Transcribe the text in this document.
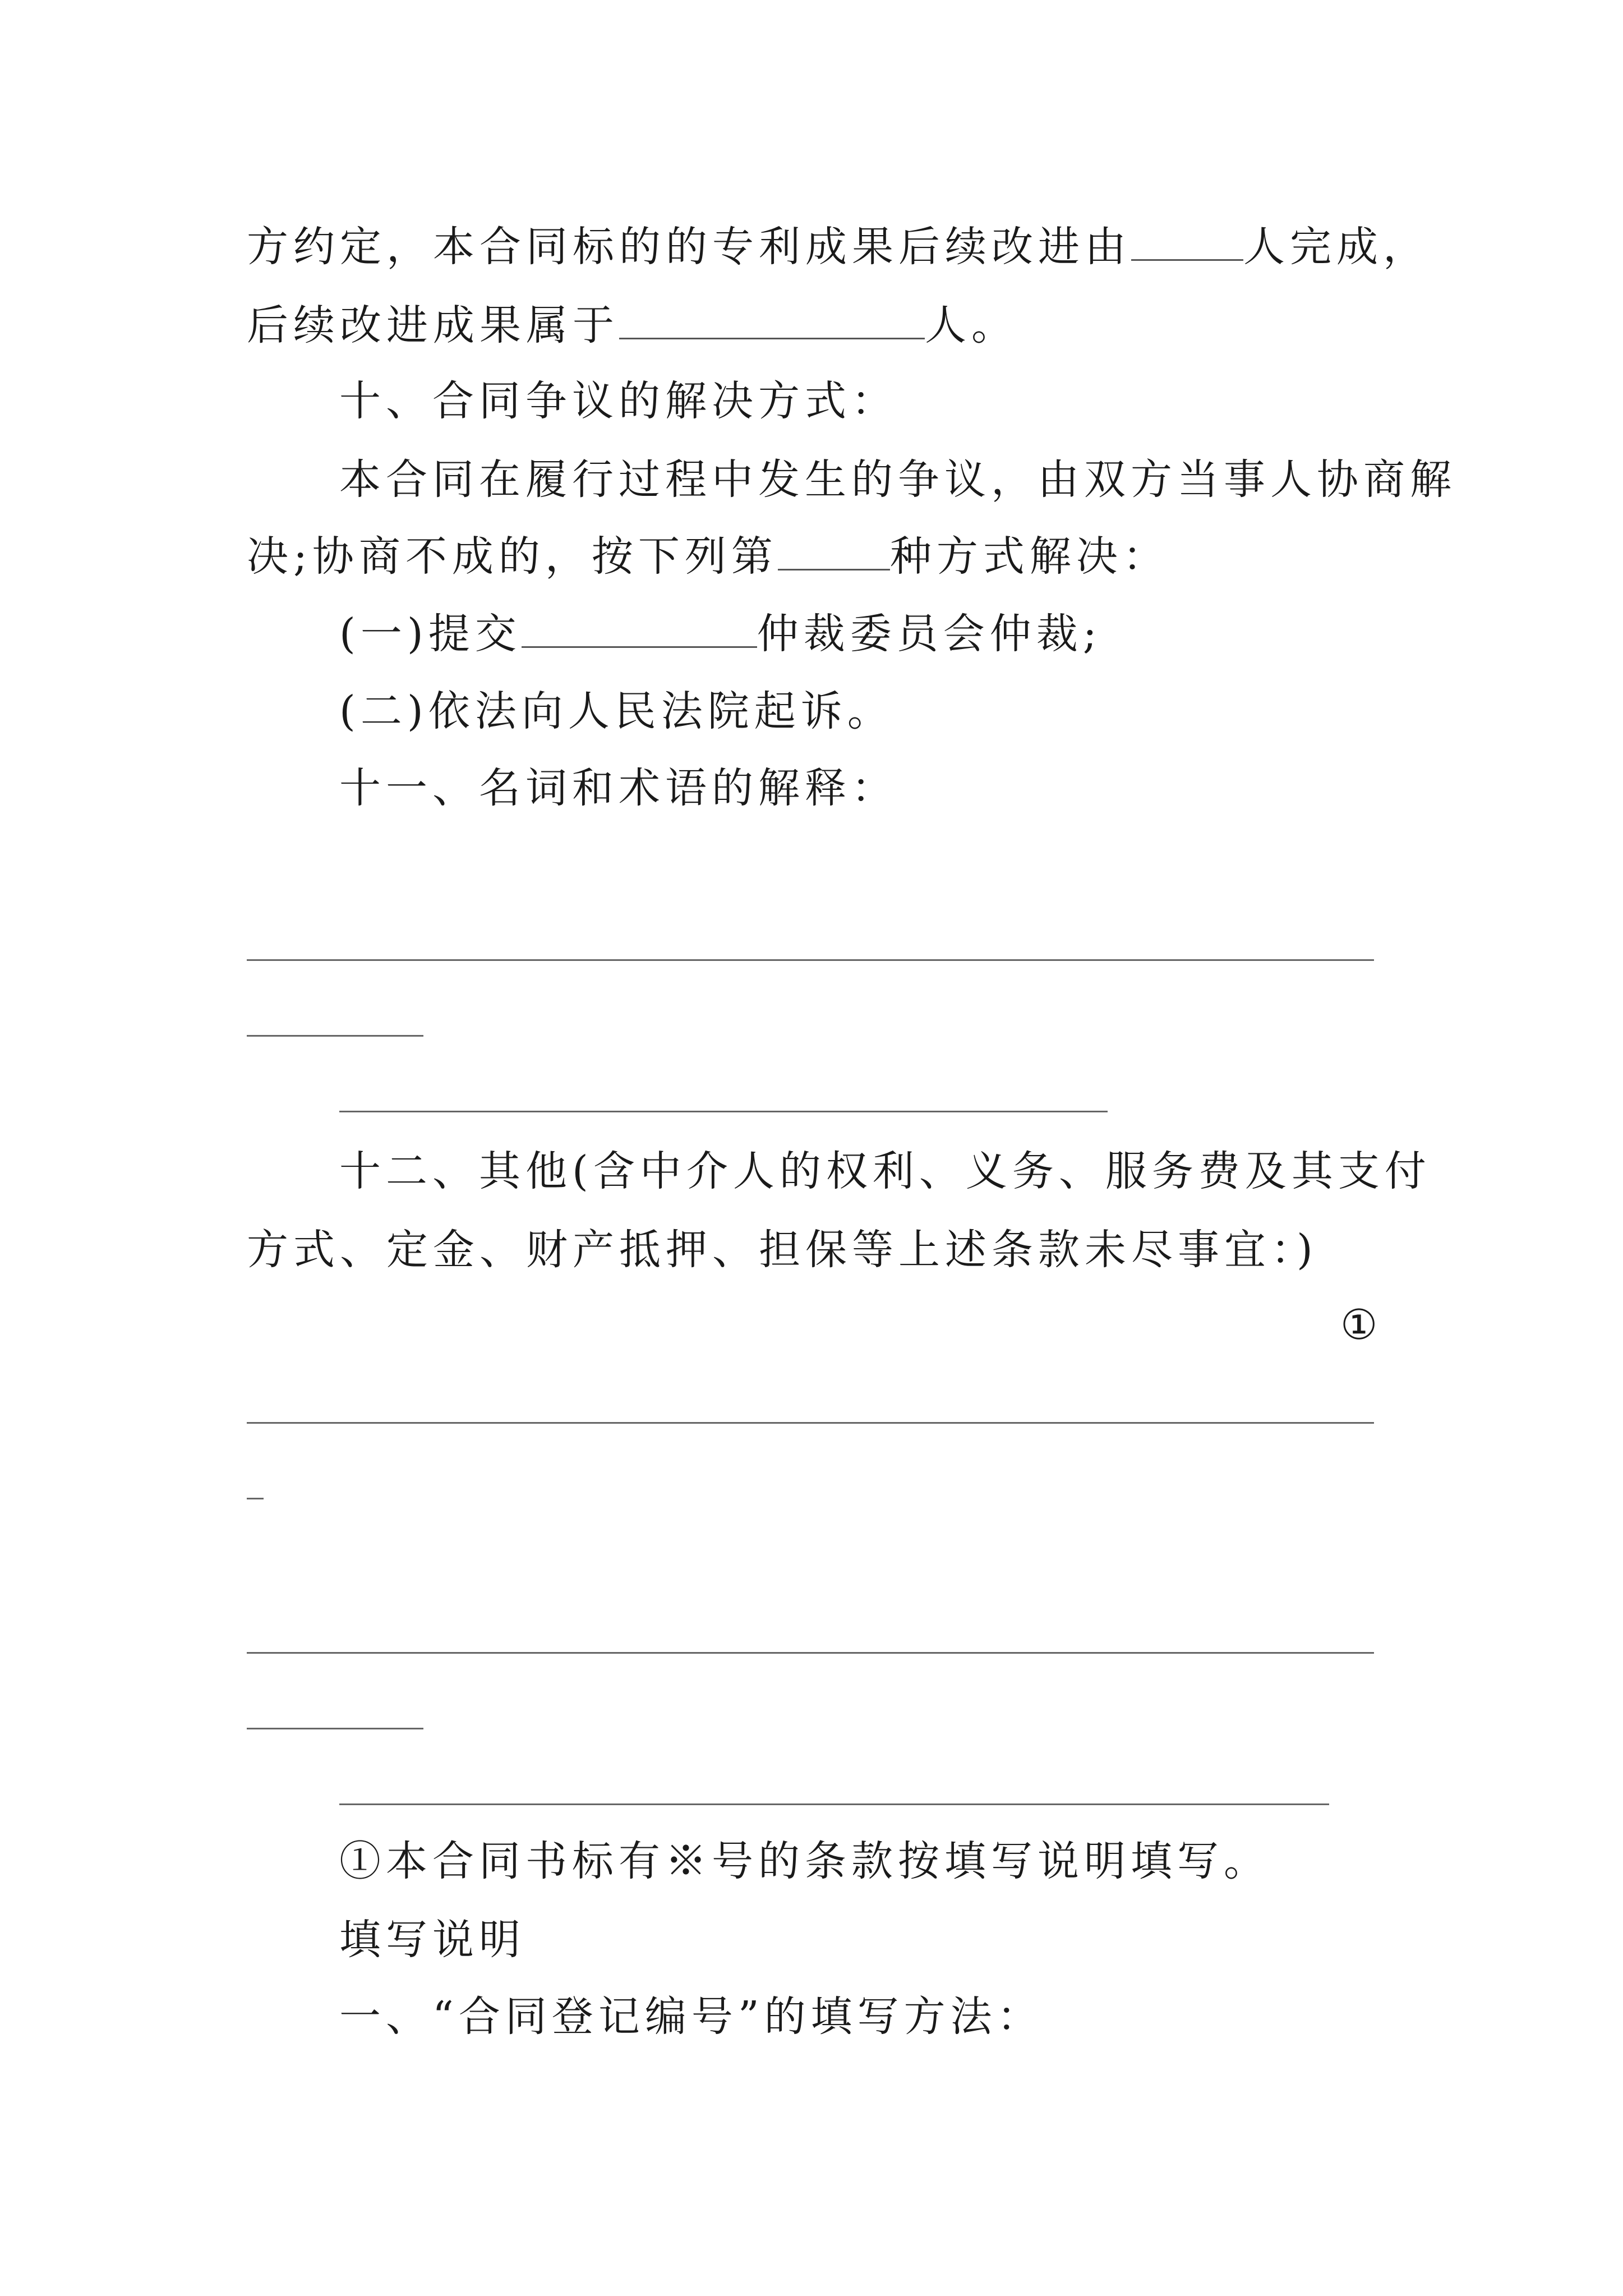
方约定，本合同标的的专利成果后续改进由	人完成，
后续改进成果属于	人。
十、合同争议的解决方式：
本合同在履行过程中发生的争议，由双方当事人协商解
决;协商不成的，按下列第	种方式解决：
(一)提交	仲裁委员会仲裁;
(二)依法向人民法院起诉。
十一、名词和术语的解释：
十二、其他(含中介人的权利、义务、服务费及其支付
方式、定金、财产抵押、担保等上述条款未尽事宜：)
①
①本合同书标有※号的条款按填写说明填写。
填写说明
一、“合同登记编号”的填写方法：
